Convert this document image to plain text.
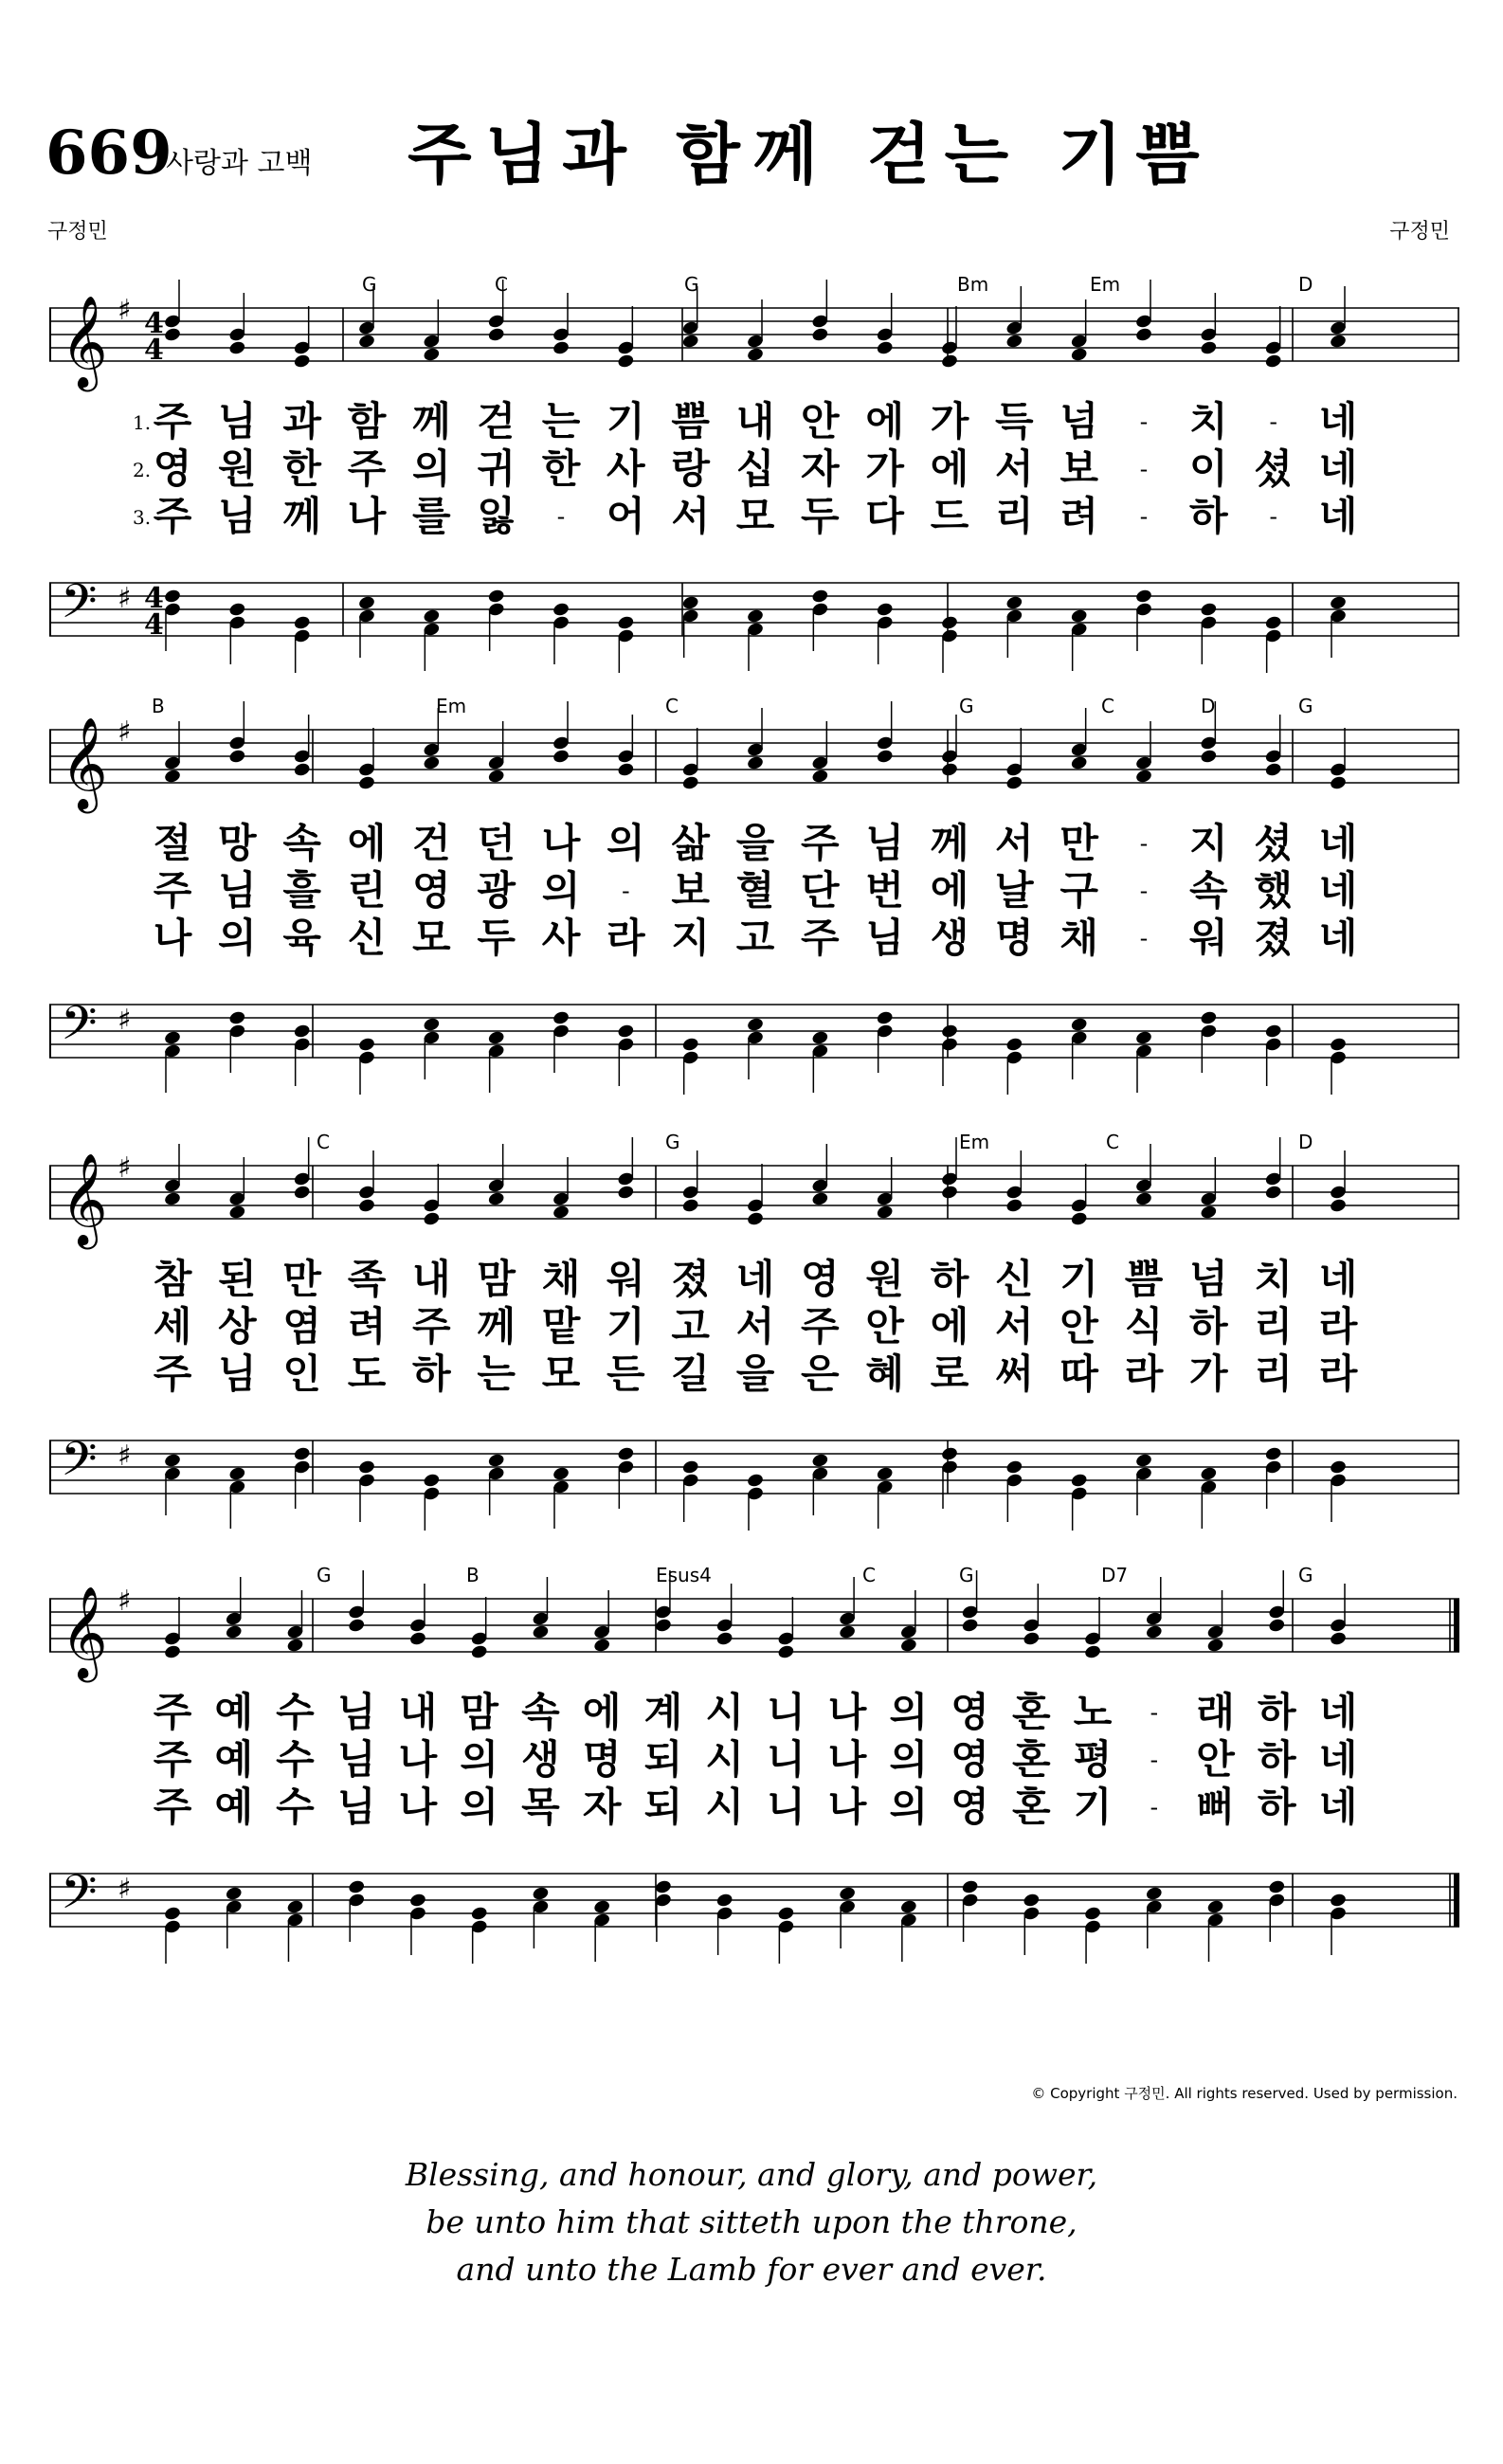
669
사랑과 고백 주님과 함께 걷는 기쁨
구정민	구정민
𝄞 ♯ 4
4
𝄢 ♯ 4
4
G	C	G	Bm	Em	D
1. 주 님 과 함 께 걷 는 기 쁨 내 안 에 가 득 넘 - 치 - 네
2. 영 원 한 주 의 귀 한 사 랑 십 자 가 에 서 보 - 이 셨 네
3. 주 님 께 나 를 잃 - 어 서 모 두 다 드 리 려 - 하 - 네
𝄞 ♯
𝄢 ♯
B	Em	C	G	C	D	G
절 망 속 에 건 던 나 의 삶 을 주 님 께 서 만 - 지 셨 네
주 님 흘 린 영 광 의 - 보 혈 단 번 에 날 구 - 속 했 네
나 의 육 신 모 두 사 라 지 고 주 님 생 명 채 - 워 졌 네
𝄞 ♯
𝄢 ♯
C	G	Em	C	D
참 된 만 족 내 맘 채 워 졌 네 영 원 하 신 기 쁨 넘 치 네
세 상 염 려 주 께 맡 기 고 서 주 안 에 서 안 식 하 리 라
주 님 인 도 하 는 모 든 길 을 은 혜 로 써 따 라 가 리 라
𝄞 ♯
𝄢 ♯
G	B	Esus4	C	G	D7	G
주 예 수 님 내 맘 속 에 계 시 니 나 의 영 혼 노 - 래 하 네
주 예 수 님 나 의 생 명 되 시 니 나 의 영 혼 평 - 안 하 네
주 예 수 님 나 의 목 자 되 시 니 나 의 영 혼 기 - 뻐 하 네
© Copyright 구정민. All rights reserved. Used by permission.
Blessing, and honour, and glory, and power,
be unto him that sitteth upon the throne,
and unto the Lamb for ever and ever.
